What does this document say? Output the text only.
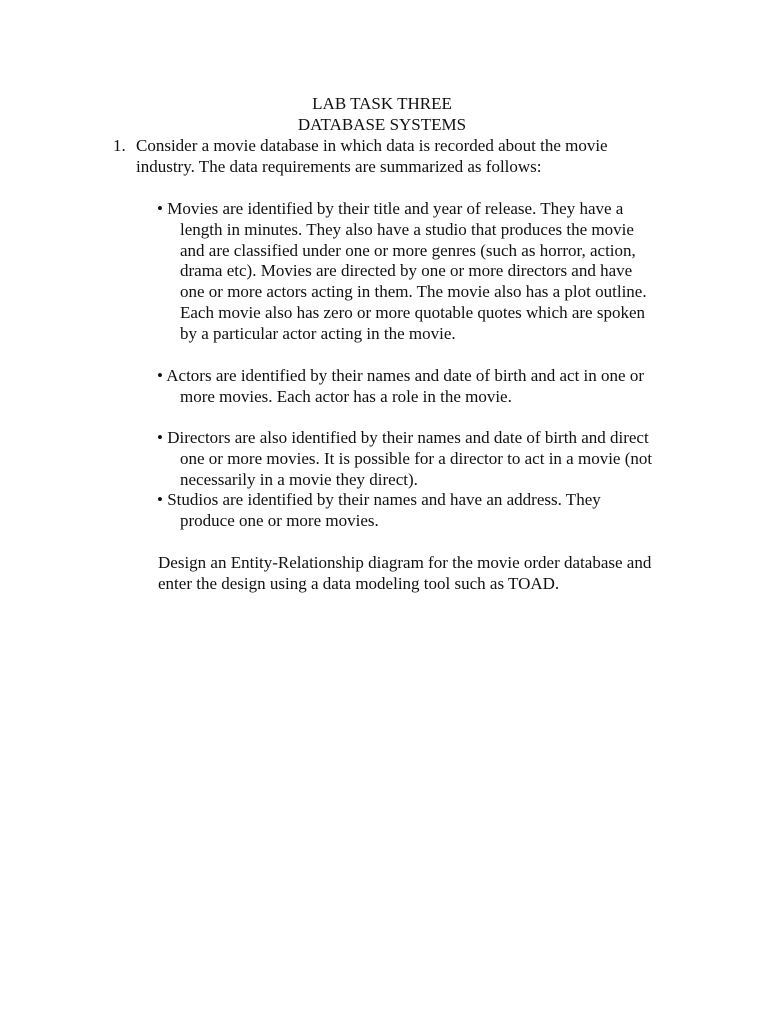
LAB TASK THREE
DATABASE SYSTEMS
1. Consider a movie database in which data is recorded about the movie
industry. The data requirements are summarized as follows:
• Movies are identified by their title and year of release. They have a
length in minutes. They also have a studio that produces the movie
and are classified under one or more genres (such as horror, action,
drama etc). Movies are directed by one or more directors and have
one or more actors acting in them. The movie also has a plot outline.
Each movie also has zero or more quotable quotes which are spoken
by a particular actor acting in the movie.
• Actors are identified by their names and date of birth and act in one or
more movies. Each actor has a role in the movie.
• Directors are also identified by their names and date of birth and direct
one or more movies. It is possible for a director to act in a movie (not
necessarily in a movie they direct).
• Studios are identified by their names and have an address. They
produce one or more movies.
Design an Entity-Relationship diagram for the movie order database and
enter the design using a data modeling tool such as TOAD.
